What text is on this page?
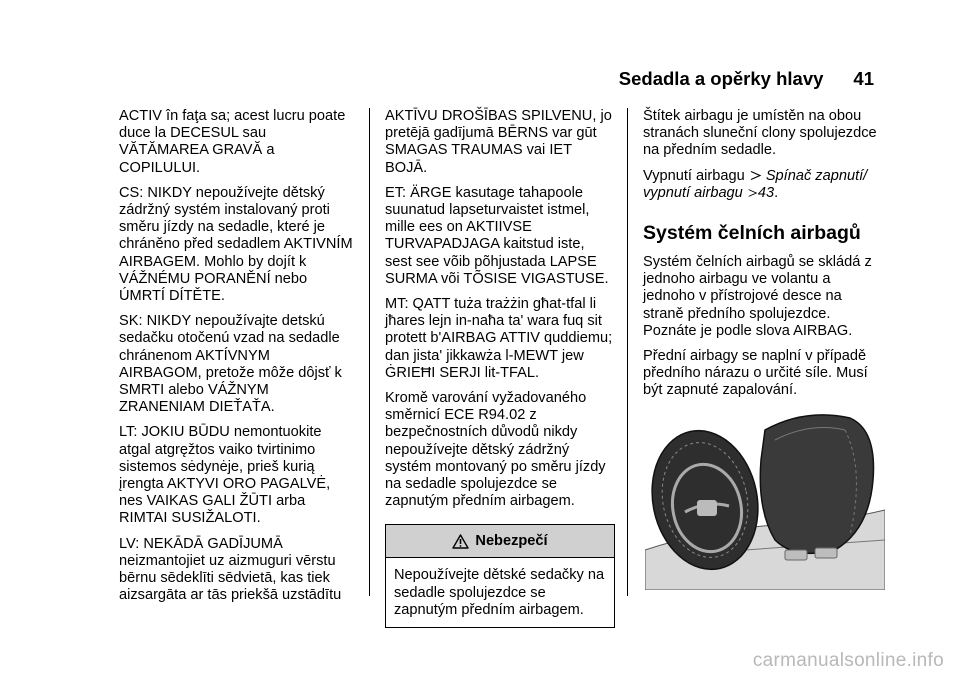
Sedadla a opěrky hlavy 41

ACTIV în faţa sa; acest lucru poate duce la DECESUL sau VĂTĂMAREA GRAVĂ a COPILULUI.

CS: NIKDY nepoužívejte dětský zádržný systém instalovaný proti směru jízdy na sedadle, které je chráněno před sedadlem AKTIVNÍM AIRBAGEM. Mohlo by dojít k VÁŽNÉMU PORANĚNÍ nebo ÚMRTÍ DÍTĚTE.

SK: NIKDY nepoužívajte detskú sedačku otočenú vzad na sedadle chránenom AKTÍVNYM AIRBAGOM, pretože môže dôjsť k SMRTI alebo VÁŽNYM ZRANENIAM DIEŤAŤA.

LT: JOKIU BŪDU nemontuokite atgal atgręžtos vaiko tvirtinimo sistemos sėdynėje, prieš kurią įrengta AKTYVI ORO PAGALVĖ, nes VAIKAS GALI ŽŪTI arba RIMTAI SUSIŽALOTI.

LV: NEKĀDĀ GADĪJUMĀ neizmantojiet uz aizmuguri vērstu bērnu sēdeklīti sēdvietā, kas tiek aizsargāta ar tās priekšā uzstādītu

AKTĪVU DROŠĪBAS SPILVENU, jo pretējā gadījumā BĒRNS var gūt SMAGAS TRAUMAS vai IET BOJĀ.

ET: ÄRGE kasutage tahapoole suunatud lapseturvaistet istmel, mille ees on AKTIIVSE TURVAPADJAGA kaitstud iste, sest see võib põhjustada LAPSE SURMA või TÕSISE VIGASTUSE.

MT: QATT tuża trażżin għat-tfal li jħares lejn in-naħa ta' wara fuq sit protett b'AIRBAG ATTIV quddiemu; dan jista' jikkawża l-MEWT jew ĠRIEĦI SERJI lit-TFAL.

Kromě varování vyžadovaného směrnicí ECE R94.02 z bezpečnostních důvodů nikdy nepoužívejte dětský zádržný systém montovaný po směru jízdy na sedadle spolujezdce se zapnutým předním airbagem.

Nebezpečí
Nepoužívejte dětské sedačky na sedadle spolujezdce se zapnutým předním airbagem.

Štítek airbagu je umístěn na obou stranách sluneční clony spolujezdce na předním sedadle.

Vypnutí airbagu Spínač zapnutí/ vypnutí airbagu 43.

Systém čelních airbagů

Systém čelních airbagů se skládá z jednoho airbagu ve volantu a jednoho v přístrojové desce na straně předního spolujezdce. Poznáte je podle slova AIRBAG.

Přední airbagy se naplní v případě předního nárazu o určité síle. Musí být zapnuté zapalování.

carmanualsonline.info
